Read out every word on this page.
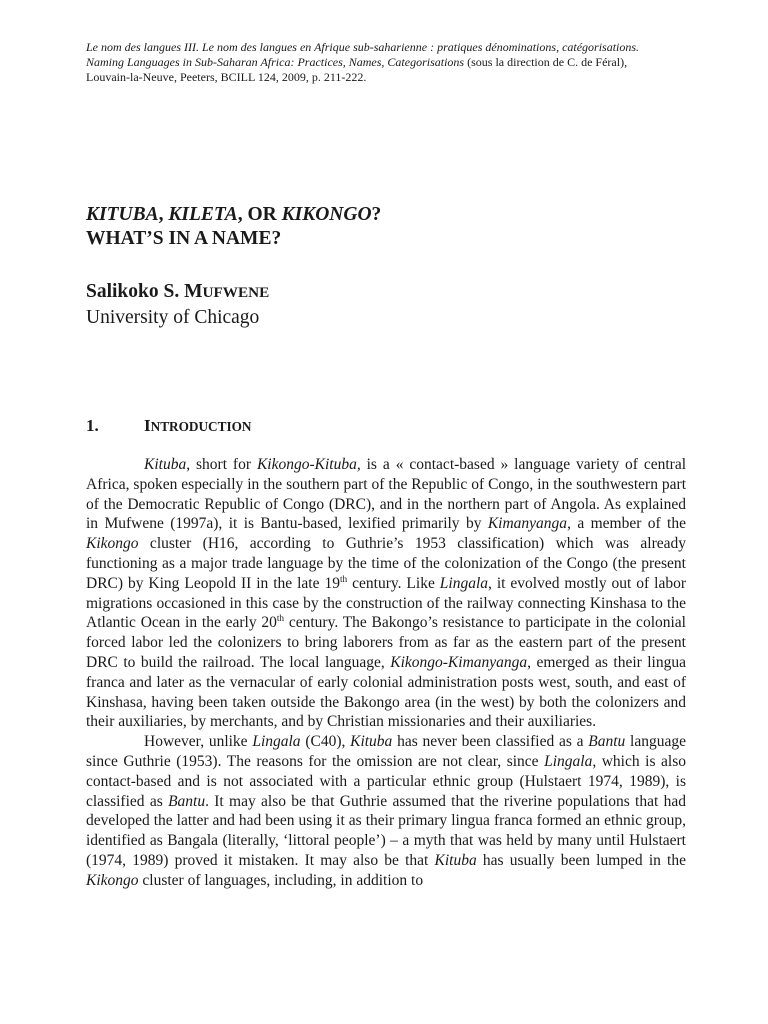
Le nom des langues III. Le nom des langues en Afrique sub-saharienne : pratiques dénominations, catégorisations.
Naming Languages in Sub-Saharan Africa: Practices, Names, Categorisations (sous la direction de C. de Féral),
Louvain-la-Neuve, Peeters, BCILL 124, 2009, p. 211-222.
KITUBA, KILETA, OR KIKONGO?
WHAT’S IN A NAME?
Salikoko S. MUFWENE
University of Chicago
1.	INTRODUCTION

Kituba, short for Kikongo-Kituba, is a « contact-based » language variety of central Africa, spoken especially in the southern part of the Republic of Congo, in the southwestern part of the Democratic Republic of Congo (DRC), and in the northern part of Angola. As explained in Mufwene (1997a), it is Bantu-based, lexified primarily by Kimanyanga, a member of the Kikongo cluster (H16, according to Guthrie’s 1953 classification) which was already functioning as a major trade language by the time of the colonization of the Congo (the present DRC) by King Leopold II in the late 19th century. Like Lingala, it evolved mostly out of labor migrations occasioned in this case by the construction of the railway connecting Kinshasa to the Atlantic Ocean in the early 20th century. The Bakongo’s resistance to participate in the colonial forced labor led the colonizers to bring laborers from as far as the eastern part of the present DRC to build the railroad. The local language, Kikongo-Kimanyanga, emerged as their lingua franca and later as the vernacular of early colonial administration posts west, south, and east of Kinshasa, having been taken outside the Bakongo area (in the west) by both the colonizers and their auxiliaries, by merchants, and by Christian missionaries and their auxiliaries.

However, unlike Lingala (C40), Kituba has never been classified as a Bantu language since Guthrie (1953). The reasons for the omission are not clear, since Lingala, which is also contact-based and is not associated with a particular ethnic group (Hulstaert 1974, 1989), is classified as Bantu. It may also be that Guthrie assumed that the riverine populations that had developed the latter and had been using it as their primary lingua franca formed an ethnic group, identified as Bangala (literally, ‘littoral people’) – a myth that was held by many until Hulstaert (1974, 1989) proved it mistaken. It may also be that Kituba has usually been lumped in the Kikongo cluster of languages, including, in addition to
